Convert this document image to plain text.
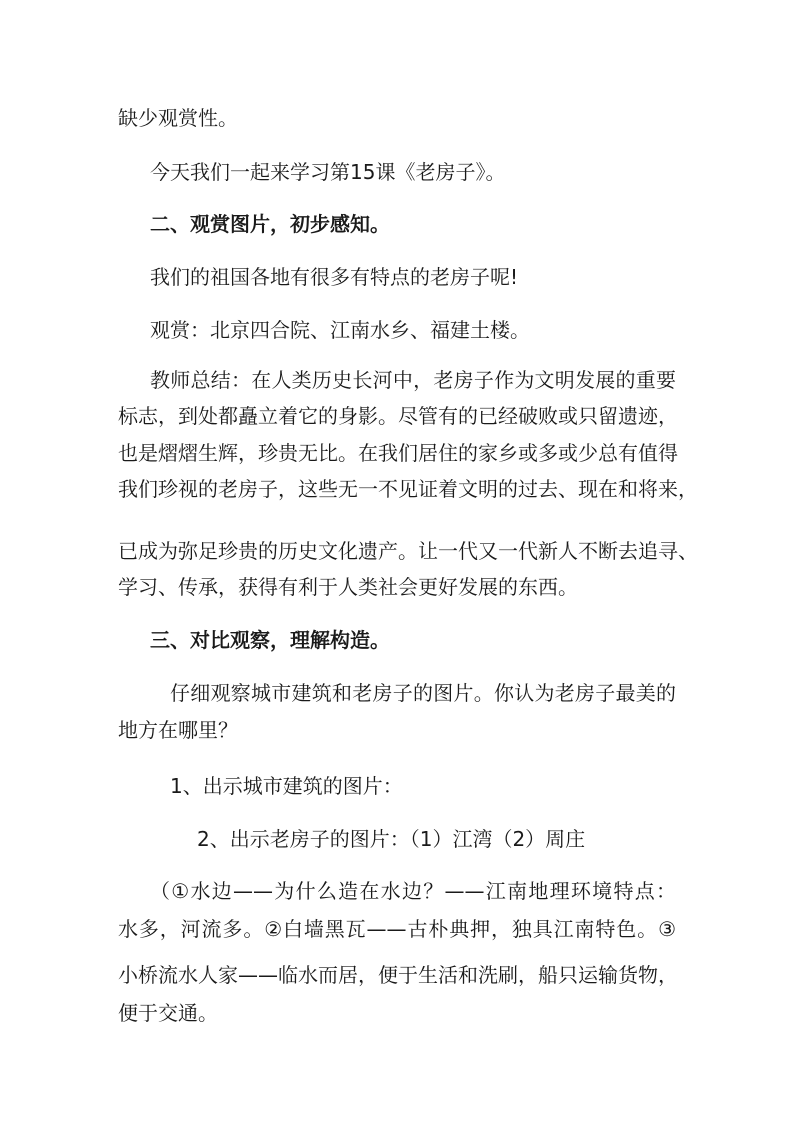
缺少观赏性。
今天我们一起来学习第15课《老房子》。
二、观赏图片，初步感知。
我们的祖国各地有很多有特点的老房子呢!
观赏：北京四合院、江南水乡、福建土楼。
教师总结：在人类历史长河中，老房子作为文明发展的重要
标志，到处都矗立着它的身影。尽管有的已经破败或只留遗迹，
也是熠熠生辉，珍贵无比。在我们居住的家乡或多或少总有值得
我们珍视的老房子，这些无一不见证着文明的过去、现在和将来，
已成为弥足珍贵的历史文化遗产。让一代又一代新人不断去追寻、
学习、传承，获得有利于人类社会更好发展的东西。
三、对比观察，理解构造。
仔细观察城市建筑和老房子的图片。你认为老房子最美的
地方在哪里？
1、出示城市建筑的图片：
2、出示老房子的图片：（1）江湾（2）周庄
（①水边——为什么造在水边？——江南地理环境特点：
水多，河流多。②白墙黑瓦——古朴典押，独具江南特色。③
小桥流水人家——临水而居，便于生活和洗刷，船只运输货物，
便于交通。
